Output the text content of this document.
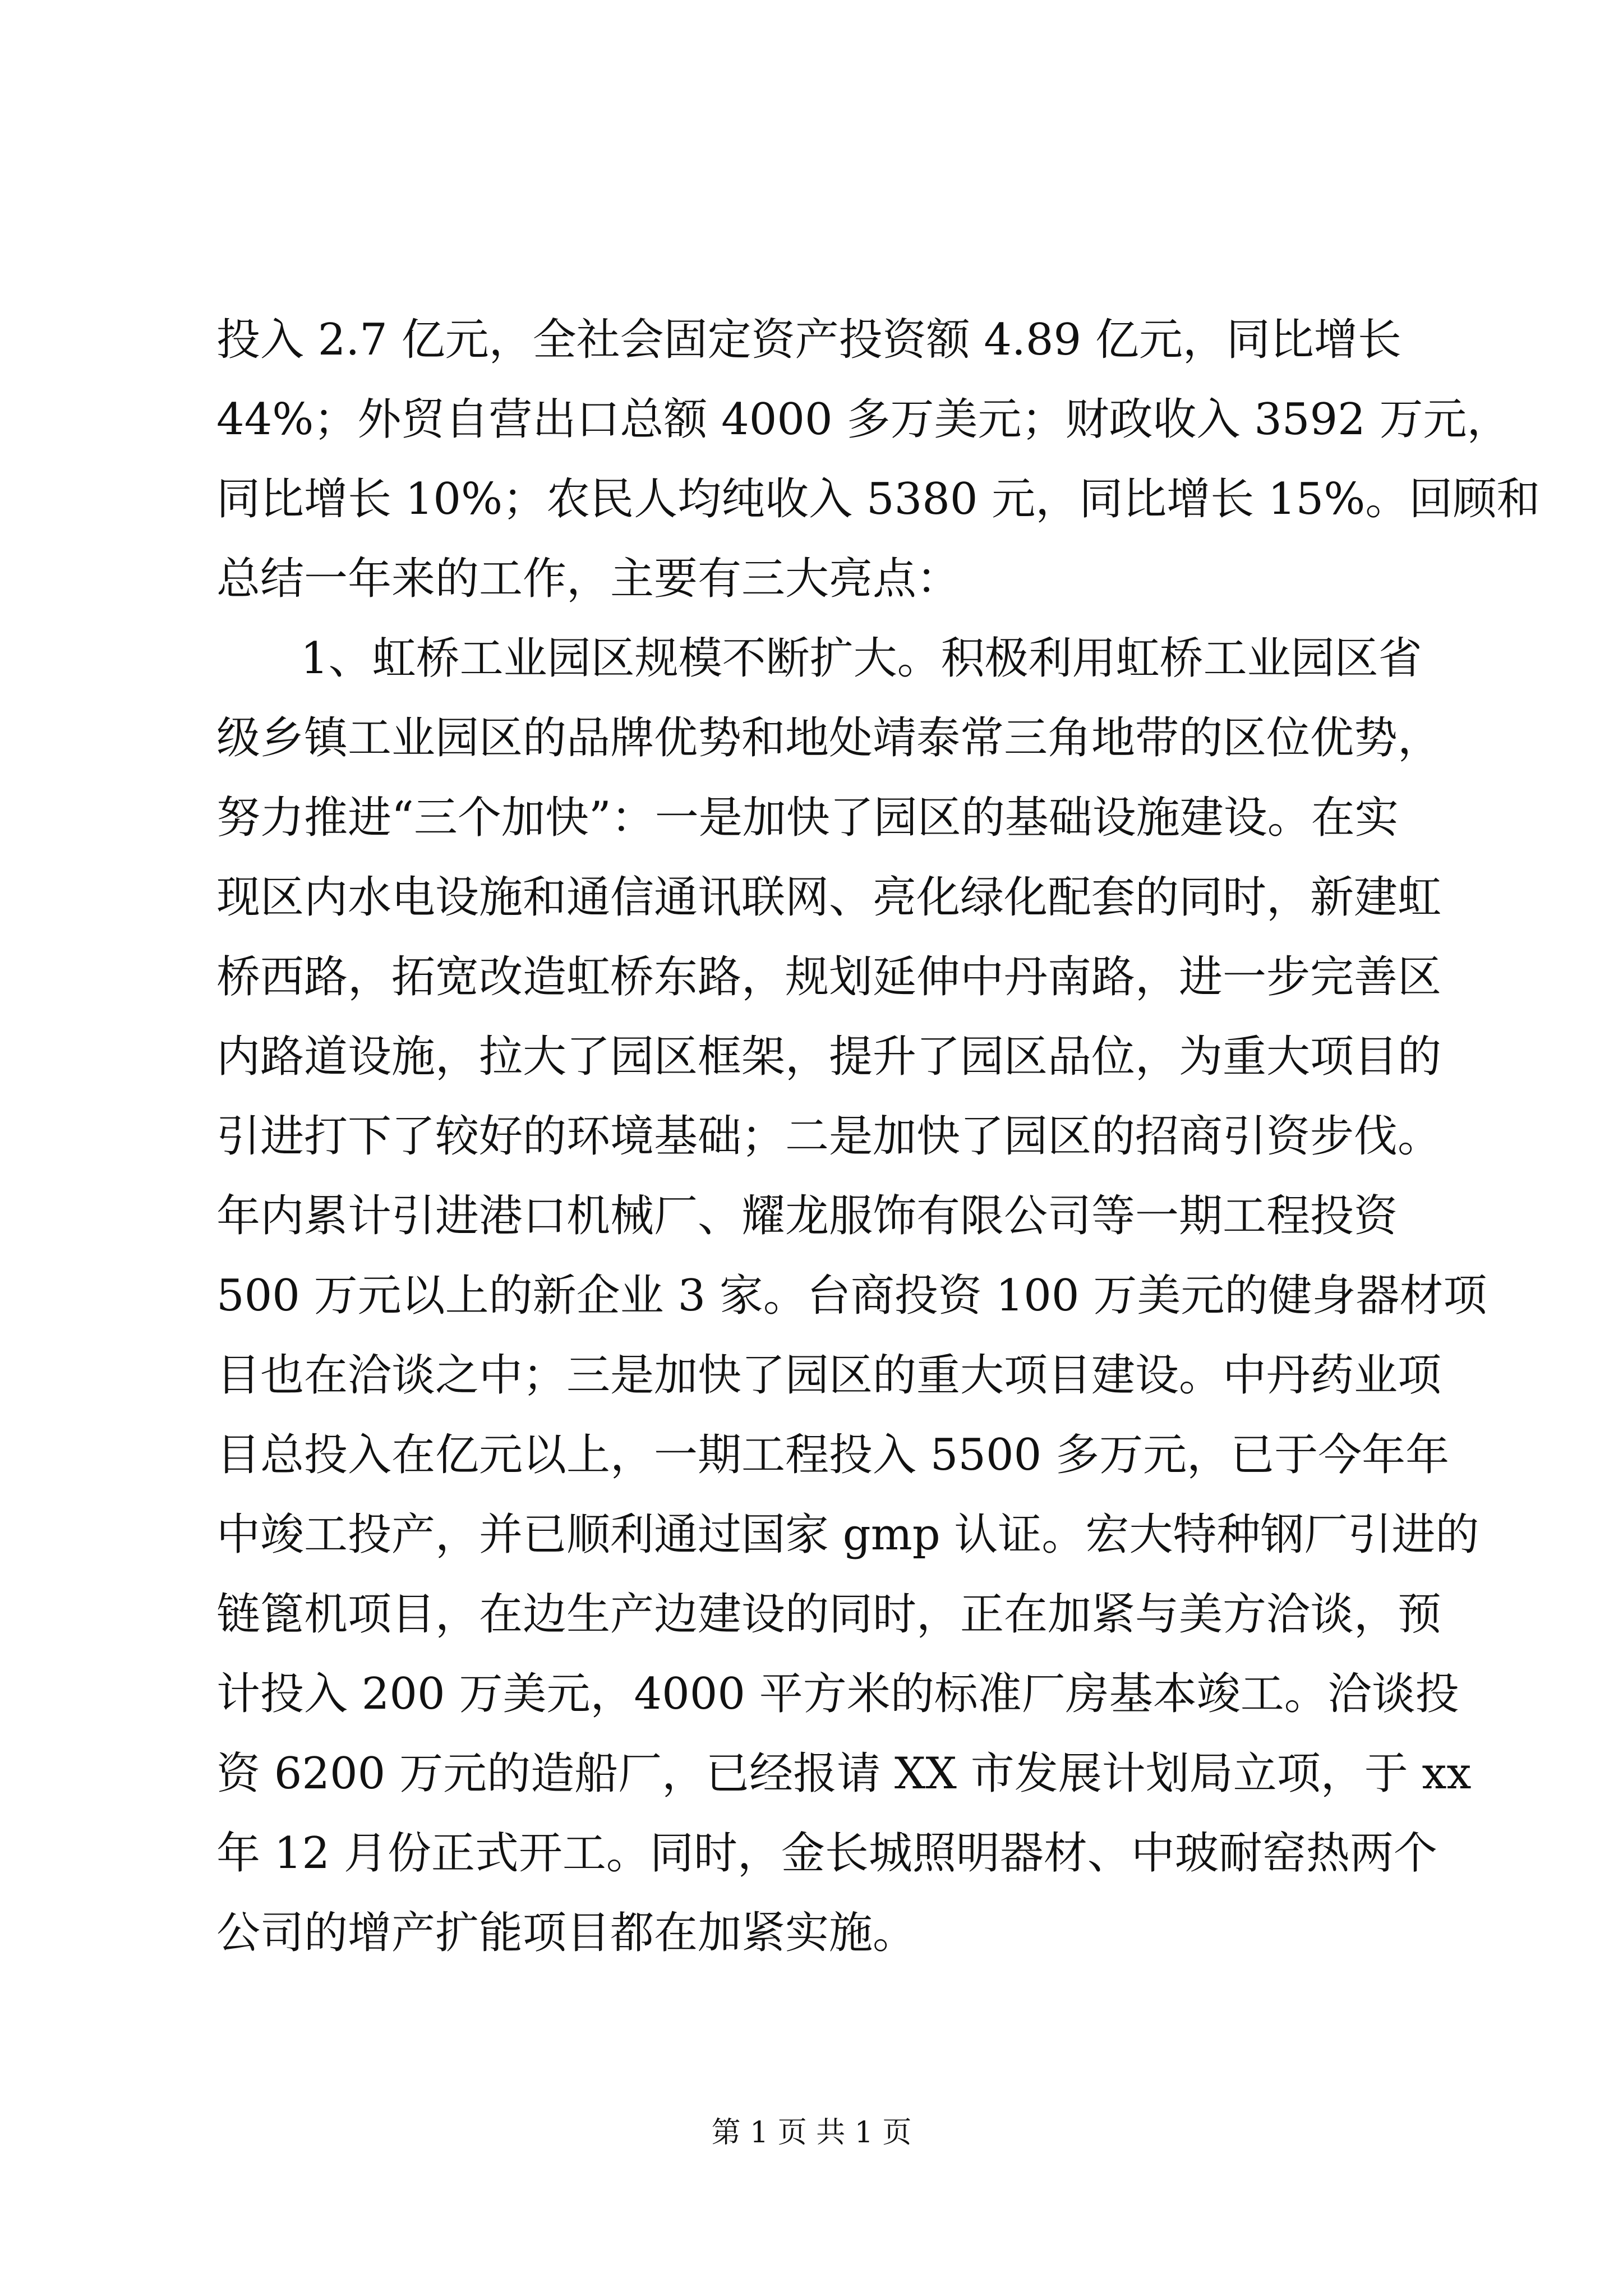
投入 2.7 亿元，全社会固定资产投资额 4.89 亿元，同比增长
44%；外贸自营出口总额 4000 多万美元；财政收入 3592 万元，
同比增长 10%；农民人均纯收入 5380 元，同比增长 15%。回顾和
总结一年来的工作，主要有三大亮点：
1、虹桥工业园区规模不断扩大。积极利用虹桥工业园区省
级乡镇工业园区的品牌优势和地处靖泰常三角地带的区位优势，
努力推进“三个加快”：一是加快了园区的基础设施建设。在实
现区内水电设施和通信通讯联网、亮化绿化配套的同时，新建虹
桥西路，拓宽改造虹桥东路，规划延伸中丹南路，进一步完善区
内路道设施，拉大了园区框架，提升了园区品位，为重大项目的
引进打下了较好的环境基础；二是加快了园区的招商引资步伐。
年内累计引进港口机械厂、耀龙服饰有限公司等一期工程投资
500 万元以上的新企业 3 家。台商投资 100 万美元的健身器材项
目也在洽谈之中；三是加快了园区的重大项目建设。中丹药业项
目总投入在亿元以上，一期工程投入 5500 多万元，已于今年年
中竣工投产，并已顺利通过国家 gmp 认证。宏大特种钢厂引进的
链篦机项目，在边生产边建设的同时，正在加紧与美方洽谈，预
计投入 200 万美元，4000 平方米的标准厂房基本竣工。洽谈投
资 6200 万元的造船厂，已经报请 XX 市发展计划局立项，于 xx
年 12 月份正式开工。同时，金长城照明器材、中玻耐窑热两个
公司的增产扩能项目都在加紧实施。
第 1 页 共 1 页
